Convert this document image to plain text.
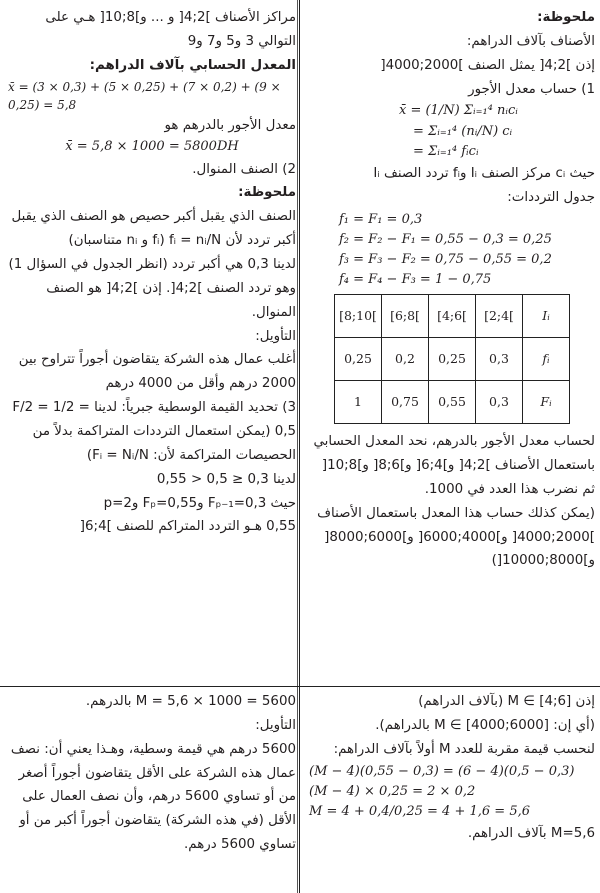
ملحوظة:

الأصناف بآلاف الدراهم:

إذن ]2;4[ يمثل الصنف ]2000;4000[

1) حساب معدل الأجور

x̄ = (1/N) Σᵢ₌₁⁴ nᵢcᵢ
= Σᵢ₌₁⁴ (nᵢ/N) cᵢ
= Σᵢ₌₁⁴ fᵢcᵢ

حيث cᵢ مركز الصنف Iᵢ وfᵢ تردد الصنف Iᵢ

جدول الترددات:

f₁ = F₁ = 0,3
f₂ = F₂ − F₁ = 0,55 − 0,3 = 0,25
f₃ = F₃ − F₂ = 0,75 − 0,55 = 0,2
f₄ = F₄ − F₃ = 1 − 0,75
[8;10[	[6;8[	[4;6[	[2;4[	Iᵢ
0,25	0,2	0,25	0,3	fᵢ
1	0,75	0,55	0,3	Fᵢ

لحساب معدل الأجور بالدرهم، نحد المعدل الحسابي باستعمال الأصناف ]2;4[ و]4;6[ و]6;8[ و]8;10[

ثم نضرب هذا العدد في 1000.

(يمكن كذلك حساب هذا المعدل باستعمال الأصناف ]2000;4000[ و]4000;6000[ و]6000;8000[ و]8000;10000[)

مراكز الأصناف ]2;4[ و ... و]8;10[ هـي على التوالي 3 و5 و7 و9

المعدل الحسابي بآلاف الدراهم:

x̄ = (3 × 0,3) + (5 × 0,25) + (7 × 0,2) + (9 × 0,25) = 5,8

معدل الأجور بالدرهم هو

x̄ = 5,8 × 1000 = 5800DH

2) الصنف المنوال.

ملحوظة:

الصنف الذي يقبل أكبر حصيص هو الصنف الذي يقبل أكبر تردد لأن fᵢ = nᵢ/N (fᵢ و nᵢ متناسبان)

لدينا 0,3 هي أكبر تردد (انظر الجدول في السؤال 1) وهو تردد الصنف ]2;4[. إذن ]2;4[ هو الصنف المنوال.

التأويل:

أغلب عمال هذه الشركة يتقاضون أجوراً تتراوح بين 2000 درهم وأقل من 4000 درهم

3) تحديد القيمة الوسطية جبرياً: لدينا F/2 = 1/2 = 0,5 (يمكن استعمال الترددات المتراكمة بدلاً من الحصيصات المتراكمة لأن: Fᵢ = Nᵢ/N)

لدينا 0,3 ≤ 0,5 < 0,55

حيث Fₚ₋₁=0,3 وFₚ=0,55 وp=2

0,55 هـو التردد المتراكم للصنف ]4;6[

إذن M ∈ [4;6] (بآلاف الدراهم)

(أي إن: M ∈ [4000;6000] بالدراهم).

لنحسب قيمة مقربة للعدد M أولاً بآلاف الدراهم:

(M − 4)(0,55 − 0,3) = (6 − 4)(0,5 − 0,3)
(M − 4) × 0,25 = 2 × 0,2
M = 4 + 0,4/0,25 = 4 + 1,6 = 5,6

M=5,6 بآلاف الدراهم.

M = 5,6 × 1000 = 5600 بالدرهم.

التأويل:

5600 درهم هي قيمة وسطية، وهـذا يعني أن: نصف عمال هذه الشركة على الأقل يتقاضون أجوراً أصغر من أو تساوي 5600 درهم، وأن نصف العمال على الأقل (في هذه الشركة) يتقاضون أجوراً أكبر من أو تساوي 5600 درهم.
